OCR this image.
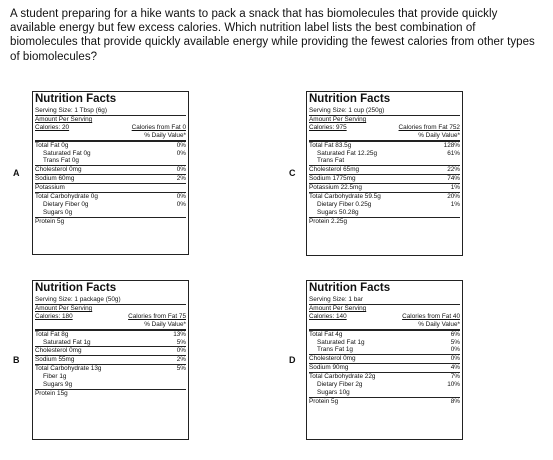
A student preparing for a hike wants to pack a snack that has biomolecules that provide quickly available energy but few excess calories. Which nutrition label lists the best combination of biomolecules that provide quickly available energy while providing the fewest calories from other types of biomolecules?
A	C
B	D
Nutrition Facts
Serving Size: 1 Tbsp (6g)
Amount Per Serving
Calories: 20	Calories from Fat 0
% Daily Value*
Total Fat 0g	0%
Saturated Fat 0g	0%
Trans Fat 0g
Cholesterol 0mg	0%
Sodium 60mg	2%
Potassium
Total Carbohydrate 0g	0%
Dietary Fiber 0g	0%
Sugars 0g
Protein 5g
Nutrition Facts
Serving Size: 1 cup (250g)
Amount Per Serving
Calories: 975	Calories from Fat 752
% Daily Value*
Total Fat 83.5g	128%
Saturated Fat 12.25g	61%
Trans Fat
Cholesterol 65mg	22%
Sodium 1775mg	74%
Potassium 22.5mg	1%
Total Carbohydrate 59.5g	20%
Dietary Fiber 0.25g	1%
Sugars 50.28g
Protein 2.25g
Nutrition Facts
Serving Size: 1 package (50g)
Amount Per Serving
Calories: 180	Calories from Fat 75
% Daily Value*
Total Fat 8g	13%
Saturated Fat 1g	5%
Cholesterol 0mg	0%
Sodium 55mg	2%
Total Carbohydrate 13g	5%
Fiber 1g
Sugars 9g
Protein 15g
Nutrition Facts
Serving Size: 1 bar
Amount Per Serving
Calories: 140	Calories from Fat 40
% Daily Value*
Total Fat 4g	6%
Saturated Fat 1g	5%
Trans Fat 1g	0%
Cholesterol 0mg	0%
Sodium 90mg	4%
Total Carbohydrate 22g	7%
Dietary Fiber 2g	10%
Sugars 10g
Protein 5g	8%
